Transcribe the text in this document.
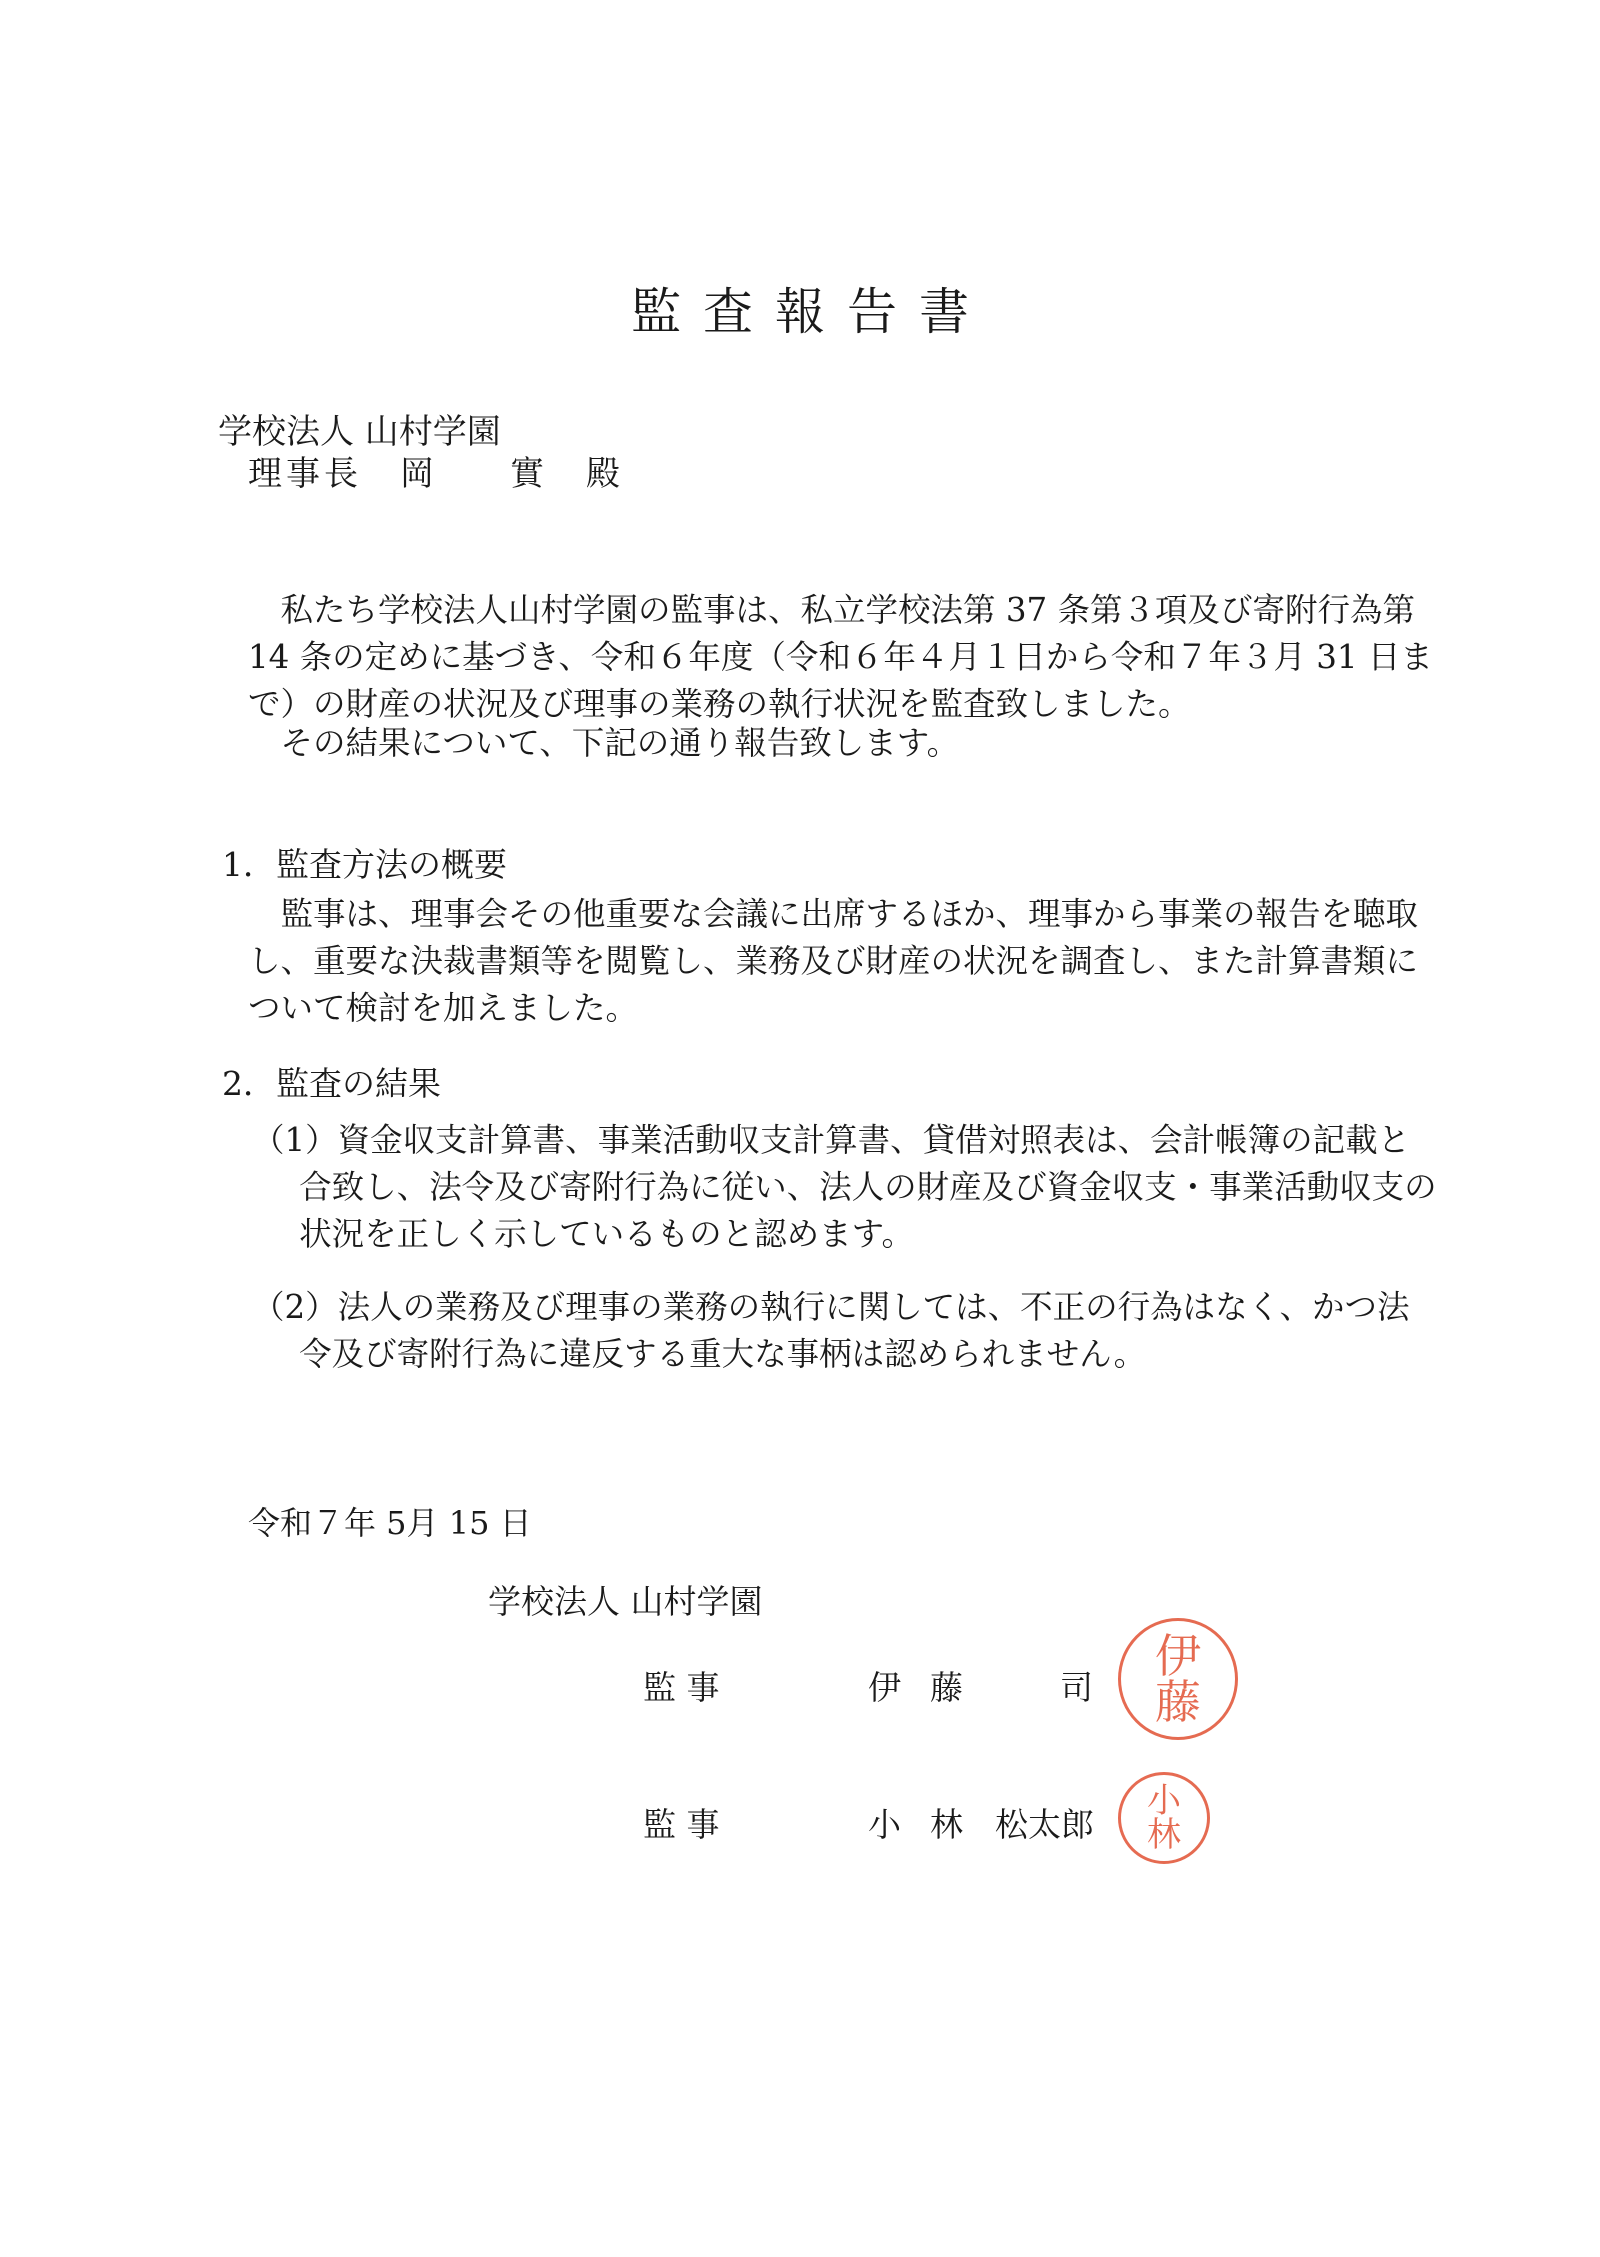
監査報告書
学校法人 山村学園
理事長 岡 實 殿
私たち学校法人山村学園の監事は、私立学校法第 37 条第３項及び寄附行為第 14 条の定めに基づき、令和６年度（令和６年４月１日から令和７年３月 31 日まで）の財産の状況及び理事の業務の執行状況を監査致しました。
その結果について、下記の通り報告致します。
1．監査方法の概要
監事は、理事会その他重要な会議に出席するほか、理事から事業の報告を聴取し、重要な決裁書類等を閲覧し、業務及び財産の状況を調査し、また計算書類について検討を加えました。
2．監査の結果
（1）資金収支計算書、事業活動収支計算書、貸借対照表は、会計帳簿の記載と合致し、法令及び寄附行為に従い、法人の財産及び資金収支・事業活動収支の状況を正しく示しているものと認めます。
（2）法人の業務及び理事の業務の執行に関しては、不正の行為はなく、かつ法令及び寄附行為に違反する重大な事柄は認められません。
令和７年 5月 15 日
学校法人 山村学園
監 事	伊 藤	司
伊
藤
監 事	小 林 松太郎
小
林
